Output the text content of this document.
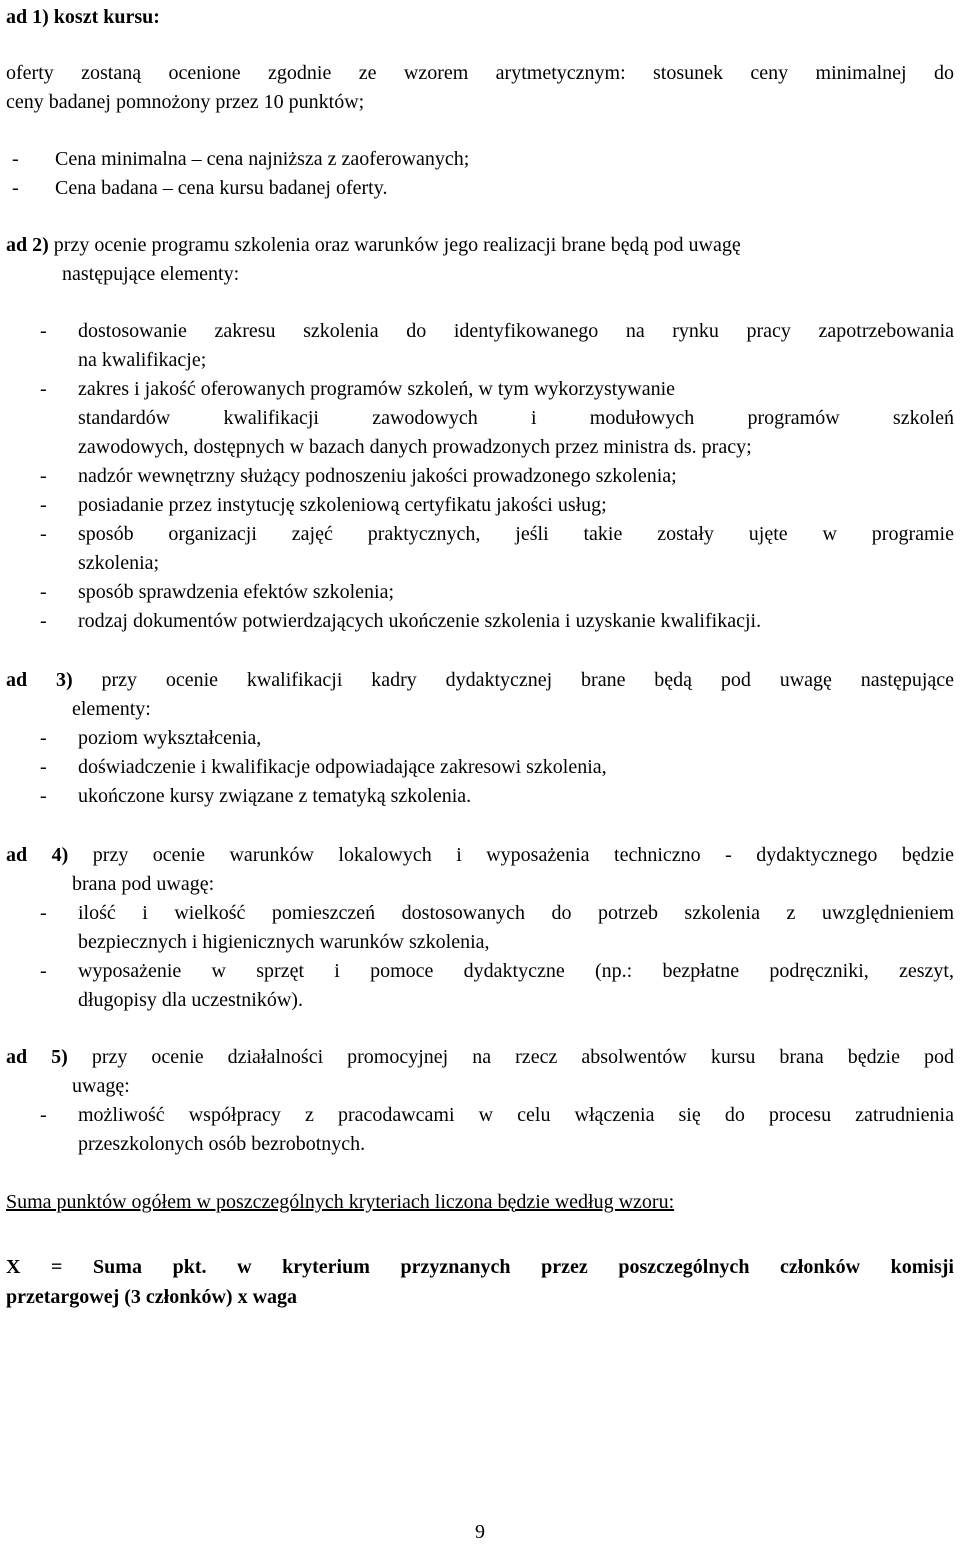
ad 1) koszt kursu:
oferty zostaną ocenione zgodnie ze wzorem arytmetycznym: stosunek ceny minimalnej do
ceny badanej pomnożony przez 10 punktów;
- Cena minimalna – cena najniższa z zaoferowanych;
- Cena badana – cena kursu badanej oferty.
ad 2) przy ocenie programu szkolenia oraz warunków jego realizacji brane będą pod uwagę
następujące elementy:
- dostosowanie zakresu szkolenia do identyfikowanego na rynku pracy zapotrzebowania
na kwalifikacje;
- zakres i jakość oferowanych programów szkoleń, w tym wykorzystywanie
standardów kwalifikacji zawodowych i modułowych programów szkoleń
zawodowych, dostępnych w bazach danych prowadzonych przez ministra ds. pracy;
- nadzór wewnętrzny służący podnoszeniu jakości prowadzonego szkolenia;
- posiadanie przez instytucję szkoleniową certyfikatu jakości usług;
- sposób organizacji zajęć praktycznych, jeśli takie zostały ujęte w programie
szkolenia;
- sposób sprawdzenia efektów szkolenia;
- rodzaj dokumentów potwierdzających ukończenie szkolenia i uzyskanie kwalifikacji.
ad 3) przy ocenie kwalifikacji kadry dydaktycznej brane będą pod uwagę następujące
elementy:
- poziom wykształcenia,
- doświadczenie i kwalifikacje odpowiadające zakresowi szkolenia,
- ukończone kursy związane z tematyką szkolenia.
ad 4) przy ocenie warunków lokalowych i wyposażenia techniczno - dydaktycznego będzie
brana pod uwagę:
- ilość i wielkość pomieszczeń dostosowanych do potrzeb szkolenia z uwzględnieniem
bezpiecznych i higienicznych warunków szkolenia,
- wyposażenie w sprzęt i pomoce dydaktyczne (np.: bezpłatne podręczniki, zeszyt,
długopisy dla uczestników).
ad 5) przy ocenie działalności promocyjnej na rzecz absolwentów kursu brana będzie pod
uwagę:
- możliwość współpracy z pracodawcami w celu włączenia się do procesu zatrudnienia
przeszkolonych osób bezrobotnych.
Suma punktów ogółem w poszczególnych kryteriach liczona będzie według wzoru:
X = Suma pkt. w kryterium przyznanych przez poszczególnych członków komisji
przetargowej (3 członków) x waga
9
